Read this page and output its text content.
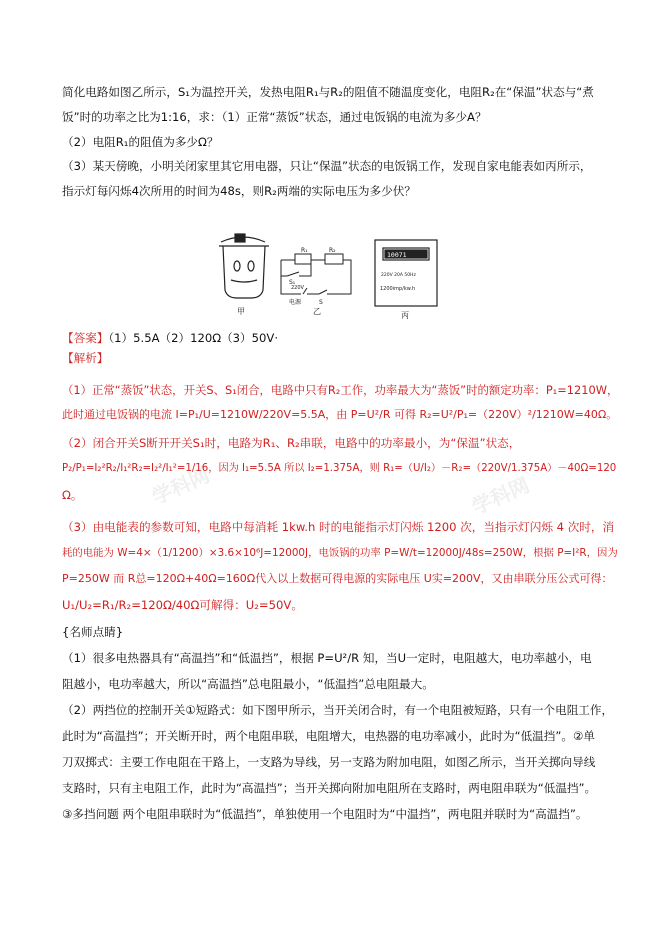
学科网	学科网
简化电路如图乙所示，S₁为温控开关，发热电阻R₁与R₂的阻值不随温度变化，电阻R₂在“保温”状态与“煮
饭”时的功率之比为1:16，求：（1）正常“蒸饭”状态，通过电饭锅的电流为多少A？
（2）电阻R₁的阻值为多少Ω？
（3）某天傍晚，小明关闭家里其它用电器，只让“保温”状态的电饭锅工作，发现自家电能表如丙所示，
指示灯每闪烁4次所用的时间为48s，则R₂两端的实际电压为多少伏？
甲
R₁	R₂
S₁
S
220V
电源
乙
10071
220V 20A 50Hz
1200imp/kw.h
丙
【答案】（1）5.5A（2）120Ω（3）50V·
【解析】
（1）正常“蒸饭”状态，开关S、S₁闭合，电路中只有R₂工作，功率最大为“蒸饭”时的额定功率：P₁=1210W，
此时通过电饭锅的电流 I=P₁/U=1210W/220V=5.5A，由 P=U²/R 可得 R₂=U²/P₁=（220V）²/1210W=40Ω。
（2）闭合开关S断开开关S₁时，电路为R₁、R₂串联，电路中的功率最小，为“保温”状态，
P₂/P₁=I₂²R₂/I₁²R₂=I₂²/I₁²=1/16，因为 I₁=5.5A 所以 I₂=1.375A，则 R₁=（U/I₂）－R₂=（220V/1.375A）－40Ω=120
Ω。
（3）由电能表的参数可知，电路中每消耗 1kw.h 时的电能指示灯闪烁 1200 次，当指示灯闪烁 4 次时，消
耗的电能为 W=4×（1/1200）×3.6×10⁶J=12000J，电饭锅的功率 P=W/t=12000J/48s=250W，根据 P=I²R，因为
P=250W 而 R总=120Ω+40Ω=160Ω代入以上数据可得电源的实际电压 U实=200V，又由串联分压公式可得：
U₁/U₂=R₁/R₂=120Ω/40Ω可解得：U₂=50V。
{名师点睛}
（1）很多电热器具有“高温挡”和“低温挡”，根据 P=U²/R 知，当U一定时，电阻越大，电功率越小，电
阻越小，电功率越大，所以“高温挡”总电阻最小，“低温挡”总电阻最大。
（2）两挡位的控制开关①短路式：如下图甲所示，当开关闭合时，有一个电阻被短路，只有一个电阻工作，
此时为“高温挡”；开关断开时，两个电阻串联，电阻增大，电热器的电功率减小，此时为“低温挡”。②单
刀双掷式：主要工作电阻在干路上，一支路为导线，另一支路为附加电阻，如图乙所示，当开关掷向导线
支路时，只有主电阻工作，此时为“高温挡”；当开关掷向附加电阻所在支路时，两电阻串联为“低温挡”。
③多挡问题 两个电阻串联时为“低温挡”，单独使用一个电阻时为“中温挡”，两电阻并联时为“高温挡”。
